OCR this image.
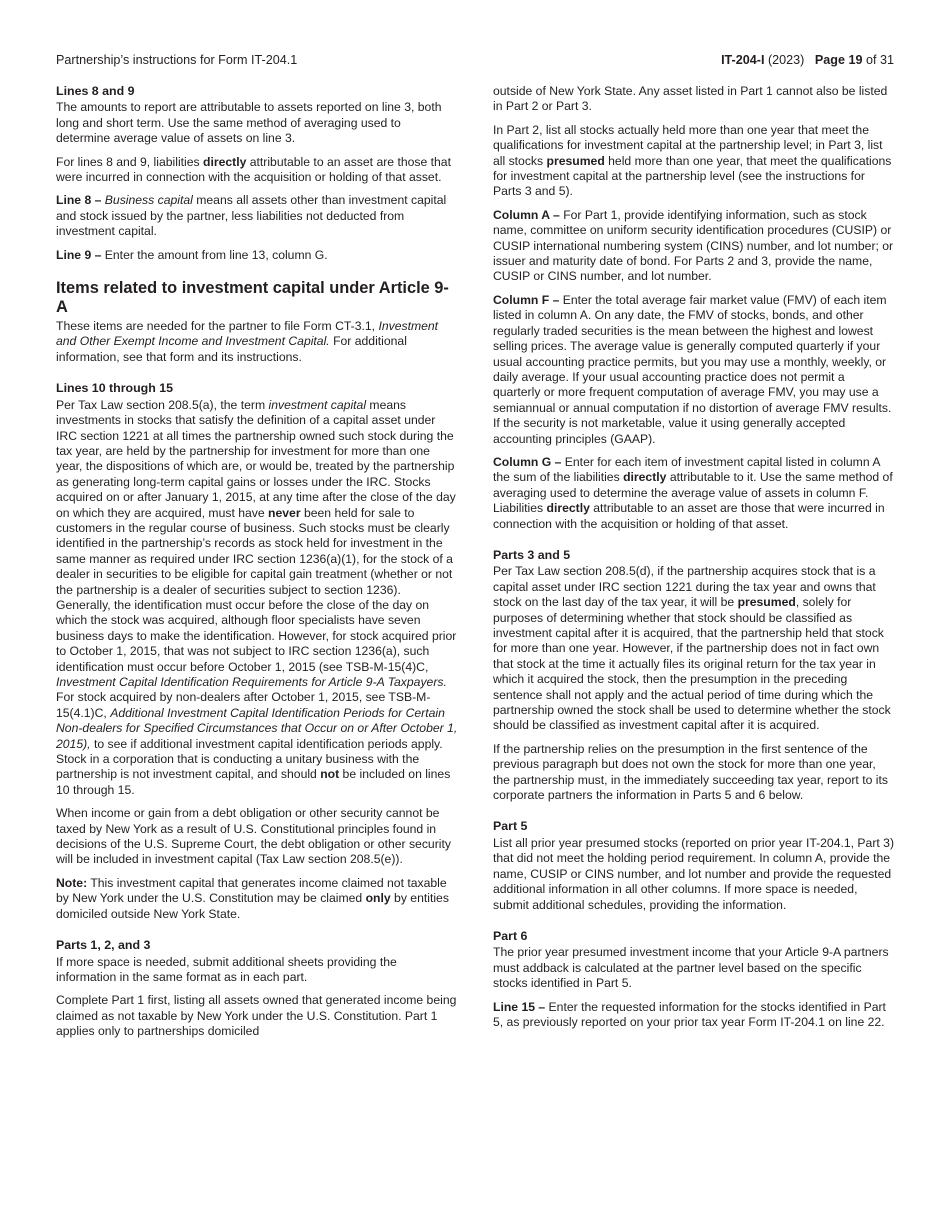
Partnership’s instructions for Form IT-204.1	IT-204-I (2023) Page 19 of 31
Lines 8 and 9

The amounts to report are attributable to assets reported on line 3, both long and short term. Use the same method of averaging used to determine average value of assets on line 3.

For lines 8 and 9, liabilities directly attributable to an asset are those that were incurred in connection with the acquisition or holding of that asset.

Line 8 – Business capital means all assets other than investment capital and stock issued by the partner, less liabilities not deducted from investment capital.

Line 9 – Enter the amount from line 13, column G.

Items related to investment capital under Article 9-A

These items are needed for the partner to file Form CT-3.1, Investment and Other Exempt Income and Investment Capital. For additional information, see that form and its instructions.

Lines 10 through 15

Per Tax Law section 208.5(a), the term investment capital means investments in stocks that satisfy the definition of a capital asset under IRC section 1221 at all times the partnership owned such stock during the tax year, are held by the partnership for investment for more than one year, the dispositions of which are, or would be, treated by the partnership as generating long-term capital gains or losses under the IRC. Stocks acquired on or after January 1, 2015, at any time after the close of the day on which they are acquired, must have never been held for sale to customers in the regular course of business. Such stocks must be clearly identified in the partnership’s records as stock held for investment in the same manner as required under IRC section 1236(a)(1), for the stock of a dealer in securities to be eligible for capital gain treatment (whether or not the partnership is a dealer of securities subject to section 1236). Generally, the identification must occur before the close of the day on which the stock was acquired, although floor specialists have seven business days to make the identification. However, for stock acquired prior to October 1, 2015, that was not subject to IRC section 1236(a), such identification must occur before October 1, 2015 (see TSB-M-15(4)C, Investment Capital Identification Requirements for Article 9-A Taxpayers. For stock acquired by non-dealers after October 1, 2015, see TSB-M-15(4.1)C, Additional Investment Capital Identification Periods for Certain Non-dealers for Specified Circumstances that Occur on or After October 1, 2015), to see if additional investment capital identification periods apply. Stock in a corporation that is conducting a unitary business with the partnership is not investment capital, and should not be included on lines 10 through 15.

When income or gain from a debt obligation or other security cannot be taxed by New York as a result of U.S. Constitutional principles found in decisions of the U.S. Supreme Court, the debt obligation or other security will be included in investment capital (Tax Law section 208.5(e)).

Note: This investment capital that generates income claimed not taxable by New York under the U.S. Constitution may be claimed only by entities domiciled outside New York State.

Parts 1, 2, and 3

If more space is needed, submit additional sheets providing the information in the same format as in each part.

Complete Part 1 first, listing all assets owned that generated income being claimed as not taxable by New York under the U.S. Constitution. Part 1 applies only to partnerships domiciled

outside of New York State. Any asset listed in Part 1 cannot also be listed in Part 2 or Part 3.

In Part 2, list all stocks actually held more than one year that meet the qualifications for investment capital at the partnership level; in Part 3, list all stocks presumed held more than one year, that meet the qualifications for investment capital at the partnership level (see the instructions for Parts 3 and 5).

Column A – For Part 1, provide identifying information, such as stock name, committee on uniform security identification procedures (CUSIP) or CUSIP international numbering system (CINS) number, and lot number; or issuer and maturity date of bond. For Parts 2 and 3, provide the name, CUSIP or CINS number, and lot number.

Column F – Enter the total average fair market value (FMV) of each item listed in column A. On any date, the FMV of stocks, bonds, and other regularly traded securities is the mean between the highest and lowest selling prices. The average value is generally computed quarterly if your usual accounting practice permits, but you may use a monthly, weekly, or daily average. If your usual accounting practice does not permit a quarterly or more frequent computation of average FMV, you may use a semiannual or annual computation if no distortion of average FMV results. If the security is not marketable, value it using generally accepted accounting principles (GAAP).

Column G – Enter for each item of investment capital listed in column A the sum of the liabilities directly attributable to it. Use the same method of averaging used to determine the average value of assets in column F. Liabilities directly attributable to an asset are those that were incurred in connection with the acquisition or holding of that asset.

Parts 3 and 5

Per Tax Law section 208.5(d), if the partnership acquires stock that is a capital asset under IRC section 1221 during the tax year and owns that stock on the last day of the tax year, it will be presumed, solely for purposes of determining whether that stock should be classified as investment capital after it is acquired, that the partnership held that stock for more than one year. However, if the partnership does not in fact own that stock at the time it actually files its original return for the tax year in which it acquired the stock, then the presumption in the preceding sentence shall not apply and the actual period of time during which the partnership owned the stock shall be used to determine whether the stock should be classified as investment capital after it is acquired.

If the partnership relies on the presumption in the first sentence of the previous paragraph but does not own the stock for more than one year, the partnership must, in the immediately succeeding tax year, report to its corporate partners the information in Parts 5 and 6 below.

Part 5

List all prior year presumed stocks (reported on prior year IT-204.1, Part 3) that did not meet the holding period requirement. In column A, provide the name, CUSIP or CINS number, and lot number and provide the requested additional information in all other columns. If more space is needed, submit additional schedules, providing the information.

Part 6

The prior year presumed investment income that your Article 9-A partners must addback is calculated at the partner level based on the specific stocks identified in Part 5.

Line 15 – Enter the requested information for the stocks identified in Part 5, as previously reported on your prior tax year Form IT-204.1 on line 22.
